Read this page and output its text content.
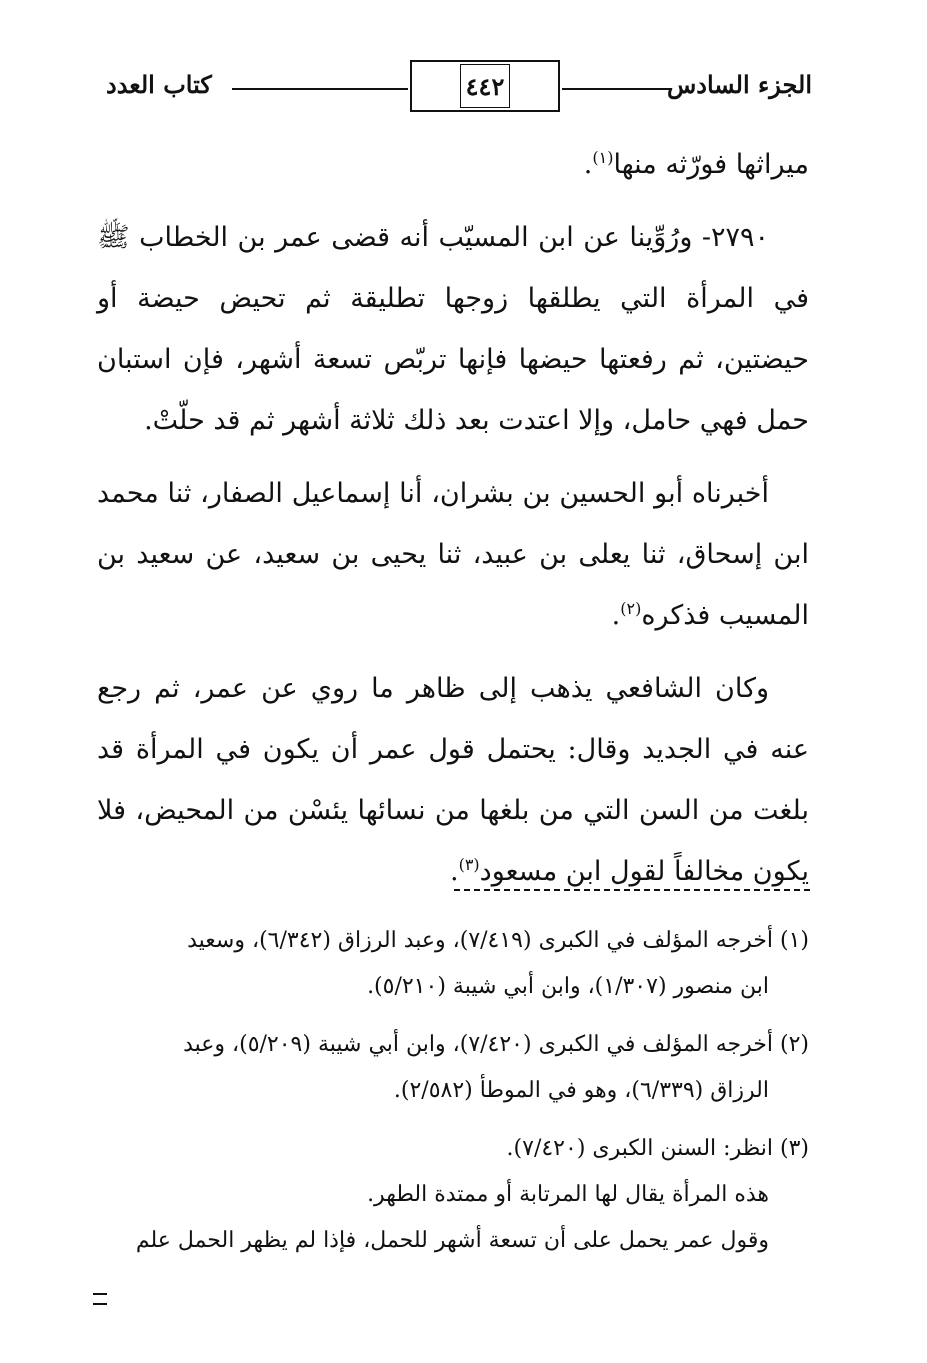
الجزء السادس
٤٤٢
كتاب العدد

ميراثها فورّثه منها$^{(١)}$.

٢٧٩٠- ورُوِّينا عن ابن المسيّب أنه قضى عمر بن الخطاب ﷺ في المرأة التي يطلقها زوجها تطليقة ثم تحيض حيضة أو حيضتين، ثم رفعتها حيضها فإنها تربّص تسعة أشهر، فإن استبان حمل فهي حامل، وإلا اعتدت بعد ذلك ثلاثة أشهر ثم قد حلّتْ.

أخبرناه أبو الحسين بن بشران، أنا إسماعيل الصفار، ثنا محمد ابن إسحاق، ثنا يعلى بن عبيد، ثنا يحيى بن سعيد، عن سعيد بن المسيب فذكره$^{(٢)}$.

وكان الشافعي يذهب إلى ظاهر ما روي عن عمر، ثم رجع عنه في الجديد وقال: يحتمل قول عمر أن يكون في المرأة قد بلغت من السن التي من بلغها من نسائها يئسْن من المحيض، فلا يكون مخالفاً لقول ابن مسعود$^{(٣)}$.

(١) أخرجه المؤلف في الكبرى (٧/٤١٩)، وعبد الرزاق (٦/٣٤٢)، وسعيد
ابن منصور (١/٣٠٧)، وابن أبي شيبة (٥/٢١٠).

(٢) أخرجه المؤلف في الكبرى (٧/٤٢٠)، وابن أبي شيبة (٥/٢٠٩)، وعبد
الرزاق (٦/٣٣٩)، وهو في الموطأ (٢/٥٨٢).

(٣) انظر: السنن الكبرى (٧/٤٢٠).
هذه المرأة يقال لها المرتابة أو ممتدة الطهر.
وقول عمر يحمل على أن تسعة أشهر للحمل، فإذا لم يظهر الحمل علم
